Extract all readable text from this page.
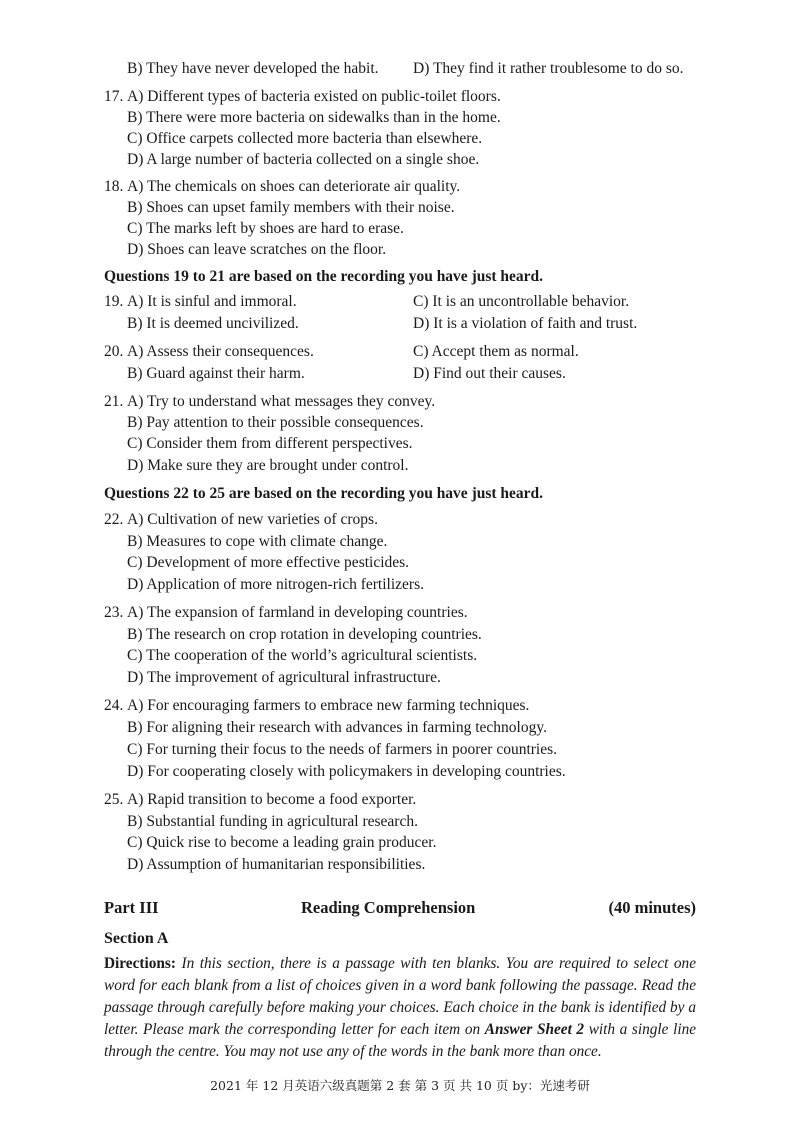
B) They have never developed the habit. D) They find it rather troublesome to do so.
17. A) Different types of bacteria existed on public-toilet floors.
B) There were more bacteria on sidewalks than in the home.
C) Office carpets collected more bacteria than elsewhere.
D) A large number of bacteria collected on a single shoe.
18. A) The chemicals on shoes can deteriorate air quality.
B) Shoes can upset family members with their noise.
C) The marks left by shoes are hard to erase.
D) Shoes can leave scratches on the floor.
Questions 19 to 21 are based on the recording you have just heard.
19. A) It is sinful and immoral.	C) It is an uncontrollable behavior.
B) It is deemed uncivilized.	D) It is a violation of faith and trust.
20. A) Assess their consequences.	C) Accept them as normal.
B) Guard against their harm.	D) Find out their causes.
21. A) Try to understand what messages they convey.
B) Pay attention to their possible consequences.
C) Consider them from different perspectives.
D) Make sure they are brought under control.
Questions 22 to 25 are based on the recording you have just heard.
22. A) Cultivation of new varieties of crops.
B) Measures to cope with climate change.
C) Development of more effective pesticides.
D) Application of more nitrogen-rich fertilizers.
23. A) The expansion of farmland in developing countries.
B) The research on crop rotation in developing countries.
C) The cooperation of the world’s agricultural scientists.
D) The improvement of agricultural infrastructure.
24. A) For encouraging farmers to embrace new farming techniques.
B) For aligning their research with advances in farming technology.
C) For turning their focus to the needs of farmers in poorer countries.
D) For cooperating closely with policymakers in developing countries.
25. A) Rapid transition to become a food exporter.
B) Substantial funding in agricultural research.
C) Quick rise to become a leading grain producer.
D) Assumption of humanitarian responsibilities.
Part III	Reading Comprehension	(40 minutes)
Section A
Directions: In this section, there is a passage with ten blanks. You are required to select one word for each blank from a list of choices given in a word bank following the passage. Read the passage through carefully before making your choices. Each choice in the bank is identified by a letter. Please mark the corresponding letter for each item on Answer Sheet 2 with a single line through the centre. You may not use any of the words in the bank more than once.
2021 年 12 月英语六级真题第 2 套 第 3 页 共 10 页 by：光速考研
